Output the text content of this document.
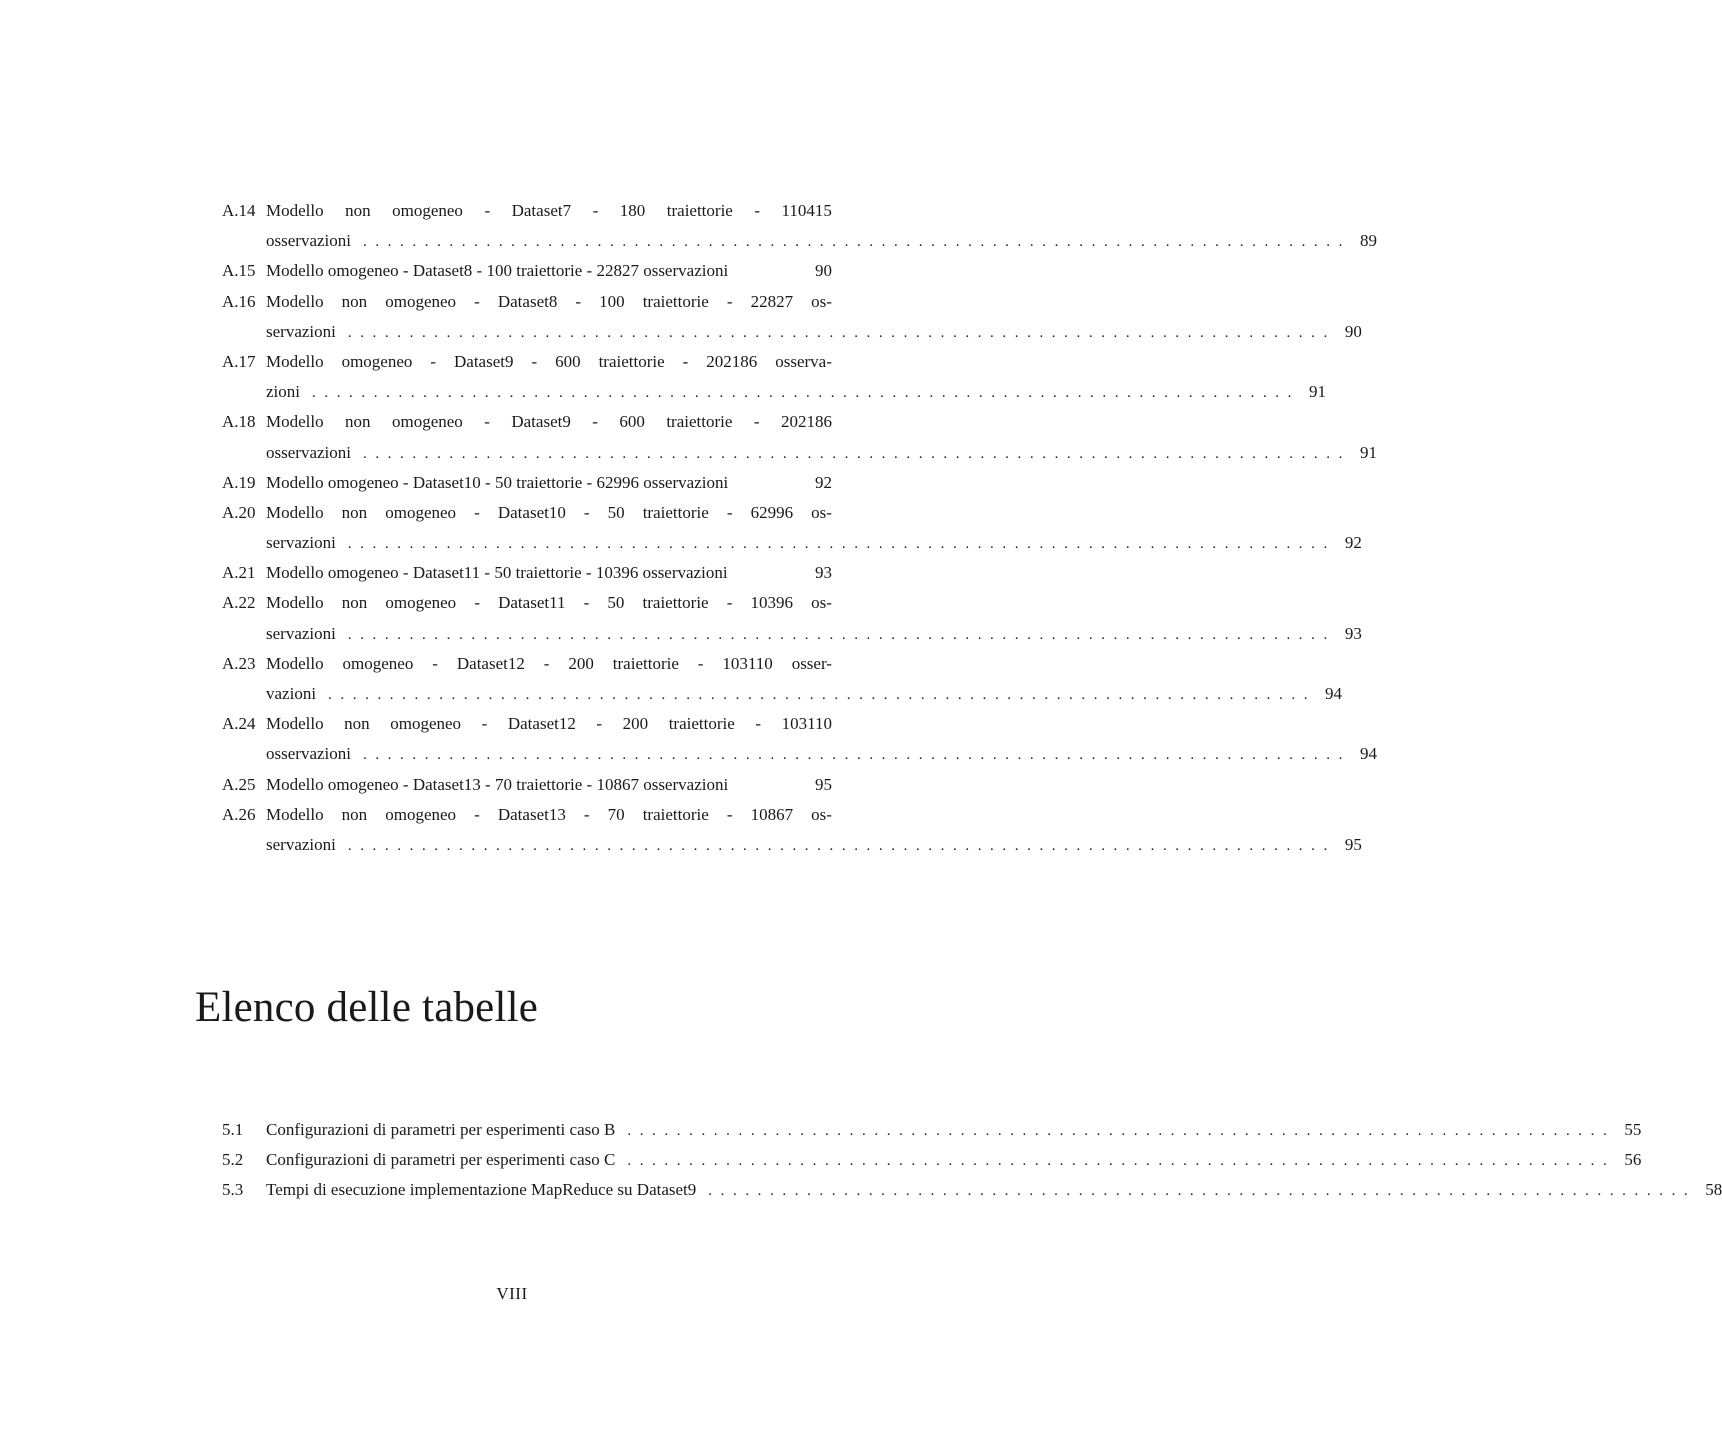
A.14 Modello non omogeneo - Dataset7 - 180 traiettorie - 110415
osservazioni ................................................................................ 89
A.15 Modello omogeneo - Dataset8 - 100 traiettorie - 22827 osservazioni	90
A.16 Modello non omogeneo - Dataset8 - 100 traiettorie - 22827 os-
servazioni ................................................................................ 90
A.17 Modello omogeneo - Dataset9 - 600 traiettorie - 202186 osserva-
zioni ................................................................................ 91
A.18 Modello non omogeneo - Dataset9 - 600 traiettorie - 202186
osservazioni ................................................................................ 91
A.19 Modello omogeneo - Dataset10 - 50 traiettorie - 62996 osservazioni	92
A.20 Modello non omogeneo - Dataset10 - 50 traiettorie - 62996 os-
servazioni ................................................................................ 92
A.21 Modello omogeneo - Dataset11 - 50 traiettorie - 10396 osservazioni	93
A.22 Modello non omogeneo - Dataset11 - 50 traiettorie - 10396 os-
servazioni ................................................................................ 93
A.23 Modello omogeneo - Dataset12 - 200 traiettorie - 103110 osser-
vazioni ................................................................................ 94
A.24 Modello non omogeneo - Dataset12 - 200 traiettorie - 103110
osservazioni ................................................................................ 94
A.25 Modello omogeneo - Dataset13 - 70 traiettorie - 10867 osservazioni	95
A.26 Modello non omogeneo - Dataset13 - 70 traiettorie - 10867 os-
servazioni ................................................................................ 95
Elenco delle tabelle
5.1	Configurazioni di parametri per esperimenti caso B ................................................................................ 55
5.2	Configurazioni di parametri per esperimenti caso C ................................................................................ 56
5.3	Tempi di esecuzione implementazione MapReduce su Dataset9 ................................................................................ 58
VIII
